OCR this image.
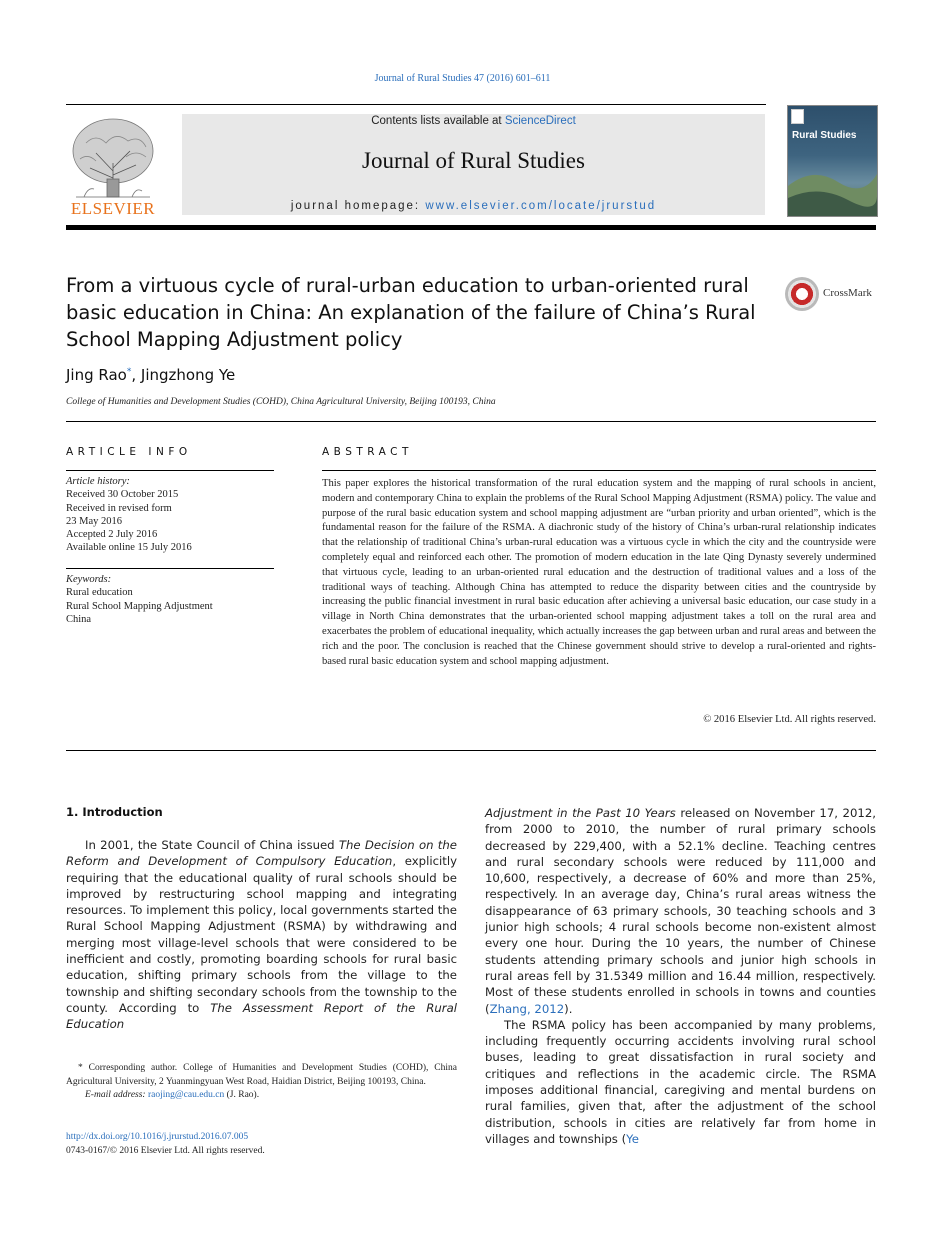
Journal of Rural Studies 47 (2016) 601–611
ELSEVIER
Contents lists available at ScienceDirect
Journal of Rural Studies
journal homepage: www.elsevier.com/locate/jrurstud
Rural Studies
From a virtuous cycle of rural-urban education to urban-oriented rural basic education in China: An explanation of the failure of China’s Rural School Mapping Adjustment policy
CrossMark
Jing Rao*, Jingzhong Ye
College of Humanities and Development Studies (COHD), China Agricultural University, Beijing 100193, China
ARTICLE INFO
Article history:
Received 30 October 2015
Received in revised form
23 May 2016
Accepted 2 July 2016
Available online 15 July 2016
Keywords:
Rural education
Rural School Mapping Adjustment
China
ABSTRACT
This paper explores the historical transformation of the rural education system and the mapping of rural schools in ancient, modern and contemporary China to explain the problems of the Rural School Mapping Adjustment (RSMA) policy. The value and purpose of the rural basic education system and school mapping adjustment are “urban priority and urban oriented”, which is the fundamental reason for the failure of the RSMA. A diachronic study of the history of China’s urban-rural relationship indicates that the relationship of traditional China’s urban-rural education was a virtuous cycle in which the city and the countryside were completely equal and reinforced each other. The promotion of modern education in the late Qing Dynasty severely undermined that virtuous cycle, leading to an urban-oriented rural education and the destruction of traditional values and a loss of the traditional ways of teaching. Although China has attempted to reduce the disparity between cities and the countryside by increasing the public financial investment in rural basic education after achieving a universal basic education, our case study in a village in North China demonstrates that the urban-oriented school mapping adjustment takes a toll on the rural area and exacerbates the problem of educational inequality, which actually increases the gap between urban and rural areas and between the rich and the poor. The conclusion is reached that the Chinese government should strive to develop a rural-oriented and rights-based rural basic education system and school mapping adjustment.
© 2016 Elsevier Ltd. All rights reserved.
1. Introduction

In 2001, the State Council of China issued The Decision on the Reform and Development of Compulsory Education, explicitly requiring that the educational quality of rural schools should be improved by restructuring school mapping and integrating resources. To implement this policy, local governments started the Rural School Mapping Adjustment (RSMA) by withdrawing and merging most village-level schools that were considered to be inefficient and costly, promoting boarding schools for rural basic education, shifting primary schools from the village to the township and shifting secondary schools from the township to the county. According to The Assessment Report of the Rural Education

Adjustment in the Past 10 Years released on November 17, 2012, from 2000 to 2010, the number of rural primary schools decreased by 229,400, with a 52.1% decline. Teaching centres and rural secondary schools were reduced by 111,000 and 10,600, respectively, a decrease of 60% and more than 25%, respectively. In an average day, China’s rural areas witness the disappearance of 63 primary schools, 30 teaching schools and 3 junior high schools; 4 rural schools become non-existent almost every one hour. During the 10 years, the number of Chinese students attending primary schools and junior high schools in rural areas fell by 31.5349 million and 16.44 million, respectively. Most of these students enrolled in schools in towns and counties (Zhang, 2012).

The RSMA policy has been accompanied by many problems, including frequently occurring accidents involving rural school buses, leading to great dissatisfaction in rural society and critiques and reflections in the academic circle. The RSMA imposes additional financial, caregiving and mental burdens on rural families, given that, after the adjustment of the school distribution, schools in cities are relatively far from home in villages and townships (Ye

* Corresponding author. College of Humanities and Development Studies (COHD), China Agricultural University, 2 Yuanmingyuan West Road, Haidian District, Beijing 100193, China.
E-mail address: raojing@cau.edu.cn (J. Rao).
http://dx.doi.org/10.1016/j.jrurstud.2016.07.005
0743-0167/© 2016 Elsevier Ltd. All rights reserved.
